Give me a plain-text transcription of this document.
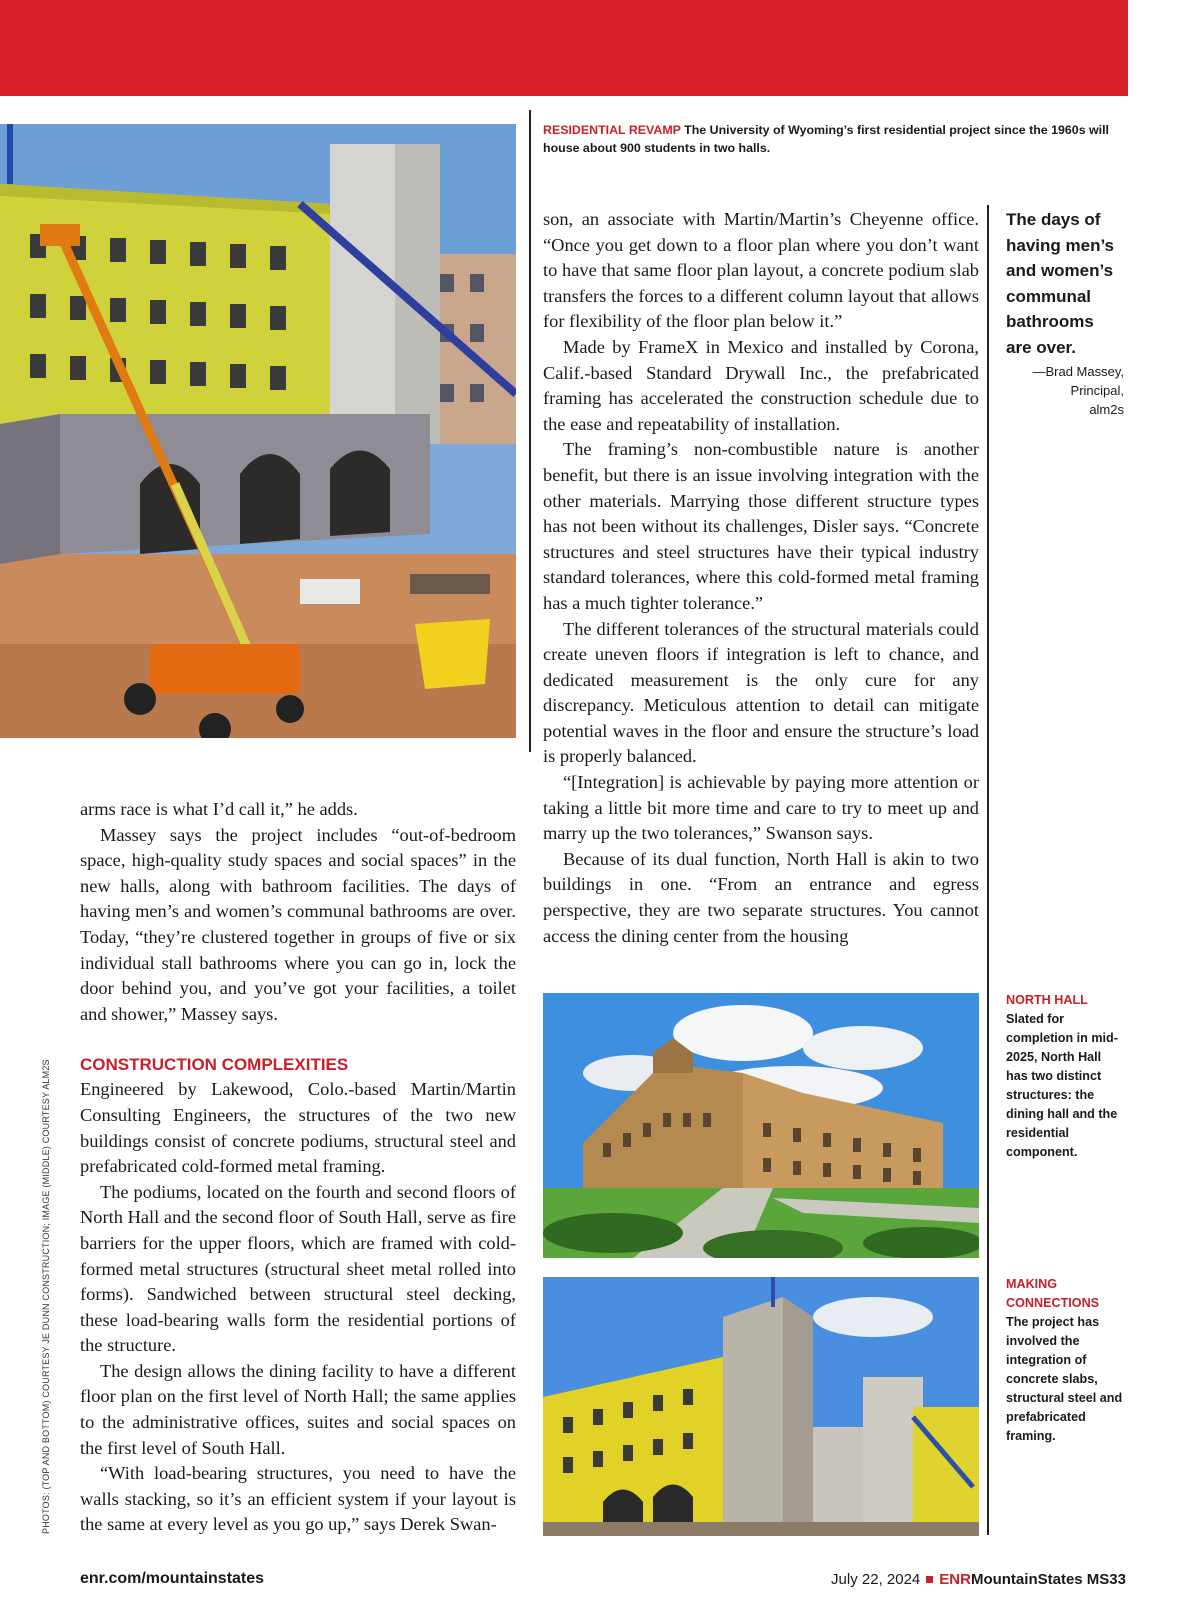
RESIDENTIAL REVAMP The University of Wyoming’s first residential project since the 1960s will house about 900 students in two halls.

arms race is what I’d call it,” he adds.

Massey says the project includes “out-of-bedroom space, high-quality study spaces and social spaces” in the new halls, along with bathroom facilities. The days of having men’s and women’s communal bathrooms are over. Today, “they’re clustered together in groups of five or six individual stall bathrooms where you can go in, lock the door behind you, and you’ve got your facilities, a toilet and shower,” Massey says.

CONSTRUCTION COMPLEXITIES

Engineered by Lakewood, Colo.-based Martin/Martin Consulting Engineers, the structures of the two new buildings consist of concrete podiums, structural steel and prefabricated cold-formed metal framing.

The podiums, located on the fourth and second floors of North Hall and the second floor of South Hall, serve as fire barriers for the upper floors, which are framed with cold-formed metal structures (structural sheet metal rolled into forms). Sandwiched between structural steel decking, these load-bearing walls form the residential portions of the structure.

The design allows the dining facility to have a different floor plan on the first level of North Hall; the same applies to the administrative offices, suites and social spaces on the first level of South Hall.

“With load-bearing structures, you need to have the walls stacking, so it’s an efficient system if your layout is the same at every level as you go up,” says Derek Swan-

son, an associate with Martin/Martin’s Cheyenne office. “Once you get down to a floor plan where you don’t want to have that same floor plan layout, a concrete podium slab transfers the forces to a different column layout that allows for flexibility of the floor plan below it.”

Made by FrameX in Mexico and installed by Corona, Calif.-based Standard Drywall Inc., the prefabricated framing has accelerated the construction schedule due to the ease and repeatability of installation.

The framing’s non-combustible nature is another benefit, but there is an issue involving integration with the other materials. Marrying those different structure types has not been without its challenges, Disler says. “Concrete structures and steel structures have their typical industry standard tolerances, where this cold-formed metal framing has a much tighter tolerance.”

The different tolerances of the structural materials could create uneven floors if integration is left to chance, and dedicated measurement is the only cure for any discrepancy. Meticulous attention to detail can mitigate potential waves in the floor and ensure the structure’s load is properly balanced.

“[Integration] is achievable by paying more attention or taking a little bit more time and care to try to meet up and marry up the two tolerances,” Swanson says.

Because of its dual function, North Hall is akin to two buildings in one. “From an entrance and egress perspective, they are two separate structures. You cannot access the dining center from the housing

The days of having men’s and women’s communal bathrooms are over.
—Brad Massey,
Principal,
alm2s
NORTH HALL
Slated for completion in mid-2025, North Hall has two distinct structures: the dining hall and the residential component.
MAKING CONNECTIONS
The project has involved the integration of concrete slabs, structural steel and prefabricated framing.
PHOTOS: (TOP AND BOTTOM) COURTESY JE DUNN CONSTRUCTION; IMAGE (MIDDLE) COURTESY ALM2S
enr.com/mountainstates	July 22, 2024 ENRMountainStates MS33
